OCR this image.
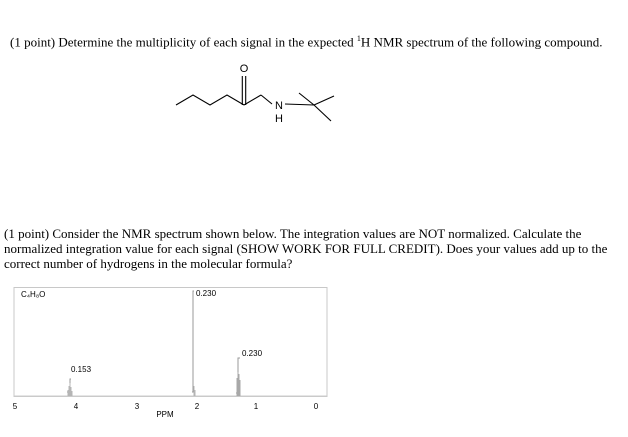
(1 point) Determine the multiplicity of each signal in the expected $^1$H NMR spectrum of the following compound.
O
N
H
(1 point) Consider the NMR spectrum shown below. The integration values are NOT normalized. Calculate the normalized integration value for each signal (SHOW WORK FOR FULL CREDIT). Does your values add up to the correct number of hydrogens in the molecular formula?
C₄H₈O	0.230
0.153
0.230
5	4	3	2	1	0
PPM
